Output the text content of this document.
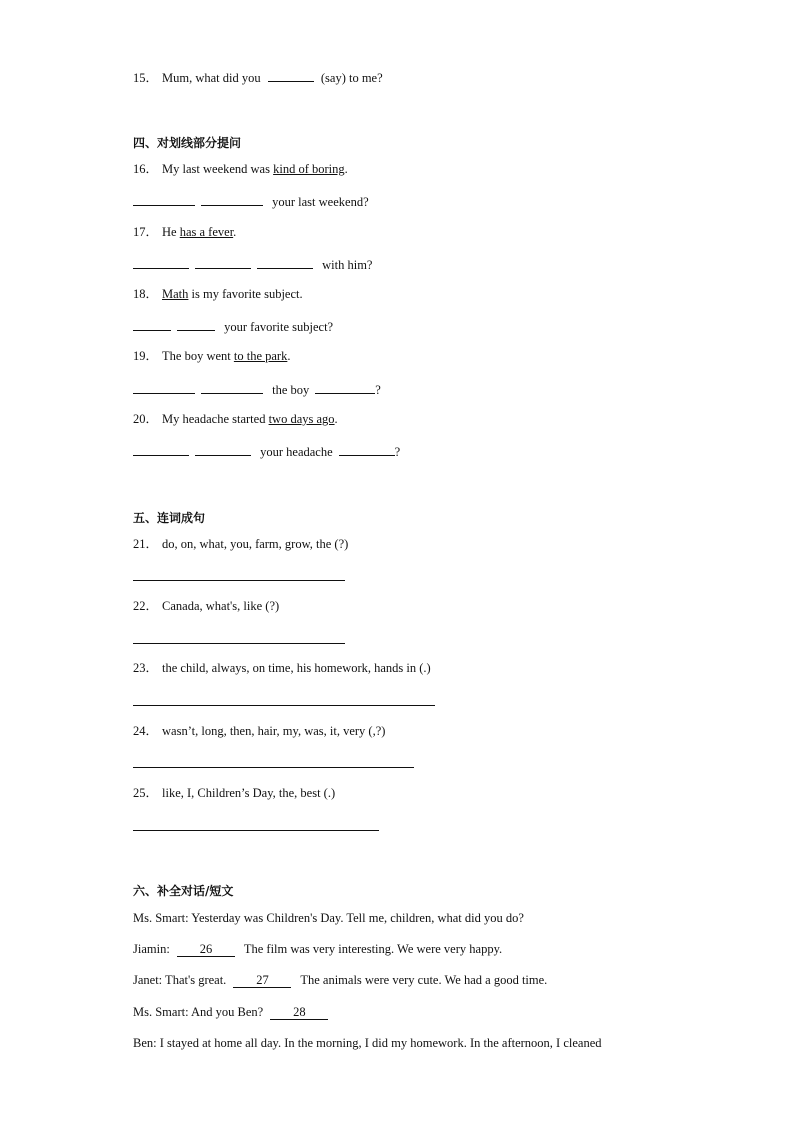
15． Mum, what did you	(say) to me?
四、对划线部分提问
16． My last weekend was kind of boring.
your last weekend?
17． He has a fever.
with him?
18． Math is my favorite subject.
your favorite subject?
19． The boy went to the park.
the boy	?
20． My headache started two days ago.
your headache	?
五、连词成句
21． do, on, what, you, farm, grow, the (?)
22． Canada, what's, like (?)
23． the child, always, on time, his homework, hands in (.)
24． wasn’t, long, then, hair, my, was, it, very (,?)
25． like, I, Children’s Day, the, best (.)
六、补全对话/短文
Ms. Smart: Yesterday was Children's Day. Tell me, children, what did you do?
Jiamin: 26	The film was very interesting. We were very happy.
Janet: That's great. 27	The animals were very cute. We had a good time.
Ms. Smart: And you Ben? 28
Ben: I stayed at home all day. In the morning, I did my homework. In the afternoon, I cleaned
